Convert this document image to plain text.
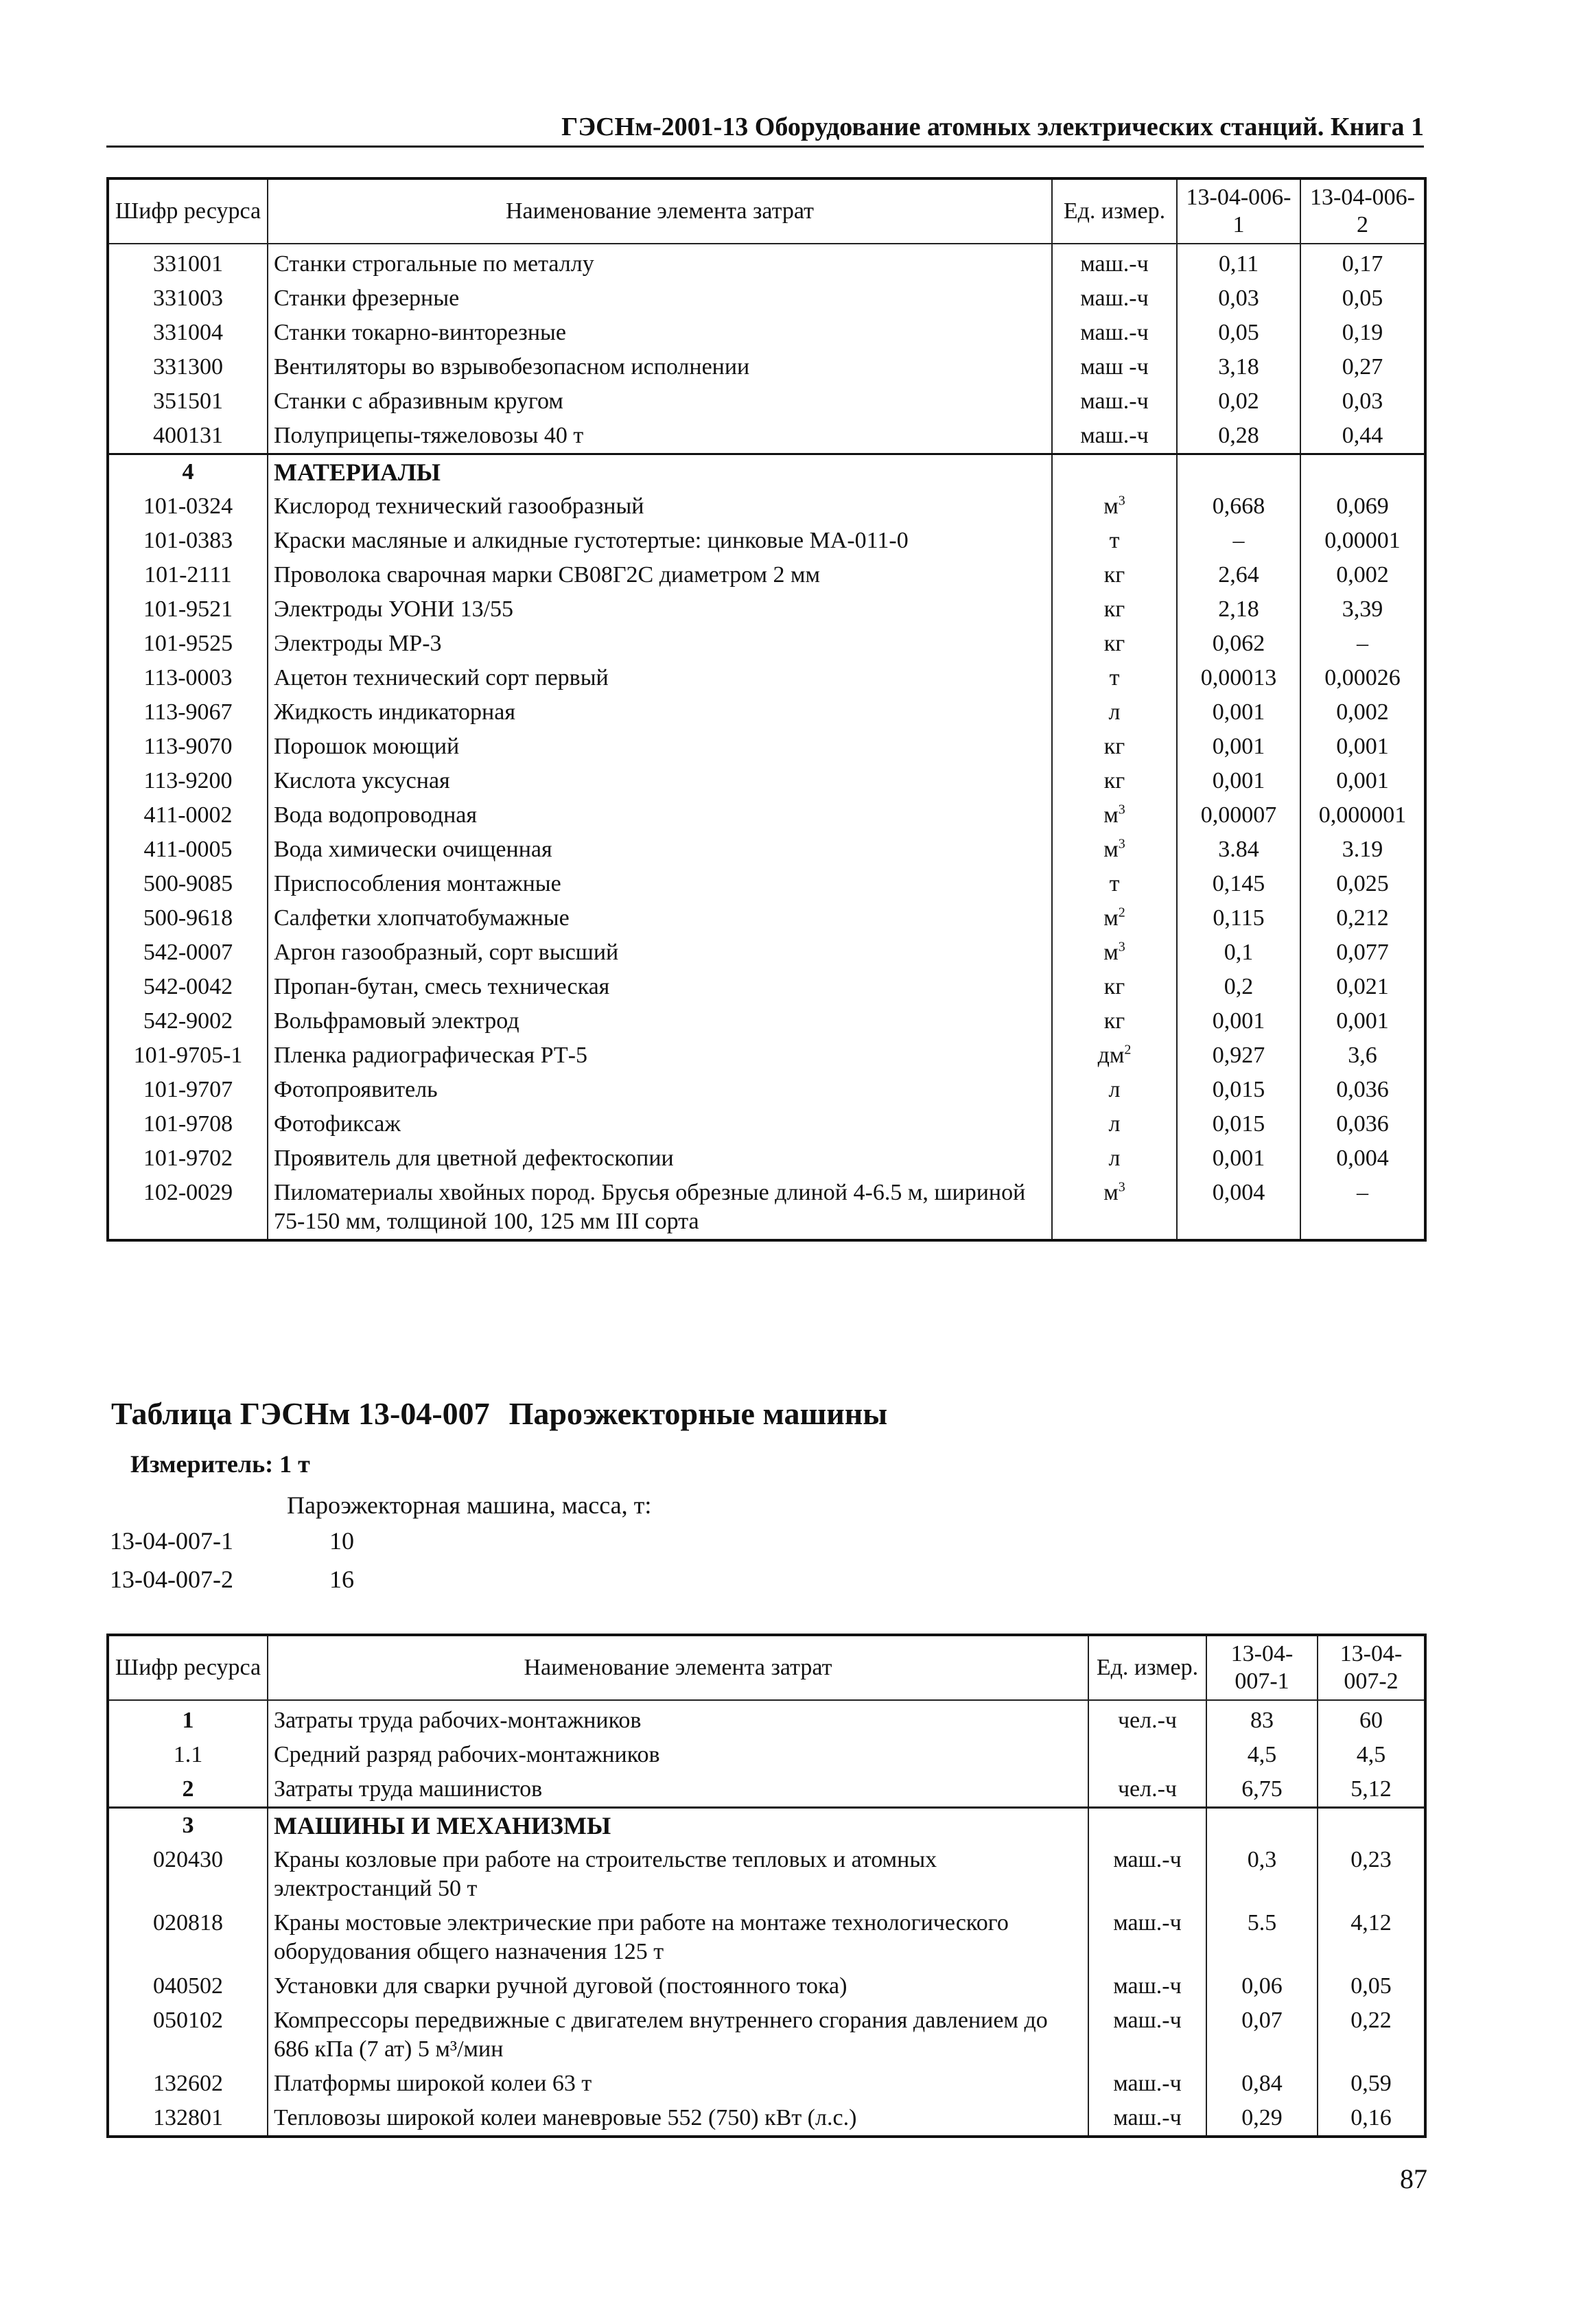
ГЭСНм-2001-13 Оборудование атомных электрических станций. Книга 1
Шифр ресурса	Наименование элемента затрат	Ед. измер.	13-04-006-1	13-04-006-2
331001	Станки строгальные по металлу	маш.-ч	0,11	0,17
331003	Станки фрезерные	маш.-ч	0,03	0,05
331004	Станки токарно-винторезные	маш.-ч	0,05	0,19
331300	Вентиляторы во взрывобезопасном исполнении	маш -ч	3,18	0,27
351501	Станки с абразивным кругом	маш.-ч	0,02	0,03
400131	Полуприцепы-тяжеловозы 40 т	маш.-ч	0,28	0,44
4	МАТЕРИАЛЫ			
101-0324	Кислород технический газообразный	$м^3$	0,668	0,069
101-0383	Краски масляные и алкидные густотертые: цинковые МА-011-0	т	–	0,00001
101-2111	Проволока сварочная марки СВ08Г2С диаметром 2 мм	кг	2,64	0,002
101-9521	Электроды УОНИ 13/55	кг	2,18	3,39
101-9525	Электроды МР-3	кг	0,062	–
113-0003	Ацетон технический сорт первый	т	0,00013	0,00026
113-9067	Жидкость индикаторная	л	0,001	0,002
113-9070	Порошок моющий	кг	0,001	0,001
113-9200	Кислота уксусная	кг	0,001	0,001
411-0002	Вода водопроводная	$м^3$	0,00007	0,000001
411-0005	Вода химически очищенная	$м^3$	3.84	3.19
500-9085	Приспособления монтажные	т	0,145	0,025
500-9618	Салфетки хлопчатобумажные	$м^2$	0,115	0,212
542-0007	Аргон газообразный, сорт высший	$м^3$	0,1	0,077
542-0042	Пропан-бутан, смесь техническая	кг	0,2	0,021
542-9002	Вольфрамовый электрод	кг	0,001	0,001
101-9705-1	Пленка радиографическая РТ-5	$дм^2$	0,927	3,6
101-9707	Фотопроявитель	л	0,015	0,036
101-9708	Фотофиксаж	л	0,015	0,036
101-9702	Проявитель для цветной дефектоскопии	л	0,001	0,004
102-0029	Пиломатериалы хвойных пород. Брусья обрезные длиной 4-6.5 м, шириной 75-150 мм, толщиной 100, 125 мм III сорта	$м^3$	0,004	–
Таблица ГЭСНм 13-04-007 Пароэжекторные машины
Измеритель: 1 т
Пароэжекторная машина, масса, т:
13-04-007-1	10
13-04-007-2	16
Шифр ресурса	Наименование элемента затрат	Ед. измер.	13-04-007-1	13-04-007-2
1	Затраты труда рабочих-монтажников	чел.-ч	83	60
1.1	Средний разряд рабочих-монтажников		4,5	4,5
2	Затраты труда машинистов	чел.-ч	6,75	5,12
3	МАШИНЫ И МЕХАНИЗМЫ			
020430	Краны козловые при работе на строительстве тепловых и атомных электростанций 50 т	маш.-ч	0,3	0,23
020818	Краны мостовые электрические при работе на монтаже технологического оборудования общего назначения 125 т	маш.-ч	5.5	4,12
040502	Установки для сварки ручной дуговой (постоянного тока)	маш.-ч	0,06	0,05
050102	Компрессоры передвижные с двигателем внутреннего сгорания давлением до 686 кПа (7 ат) 5 м³/мин	маш.-ч	0,07	0,22
132602	Платформы широкой колеи 63 т	маш.-ч	0,84	0,59
132801	Тепловозы широкой колеи маневровые 552 (750) кВт (л.с.)	маш.-ч	0,29	0,16
87
